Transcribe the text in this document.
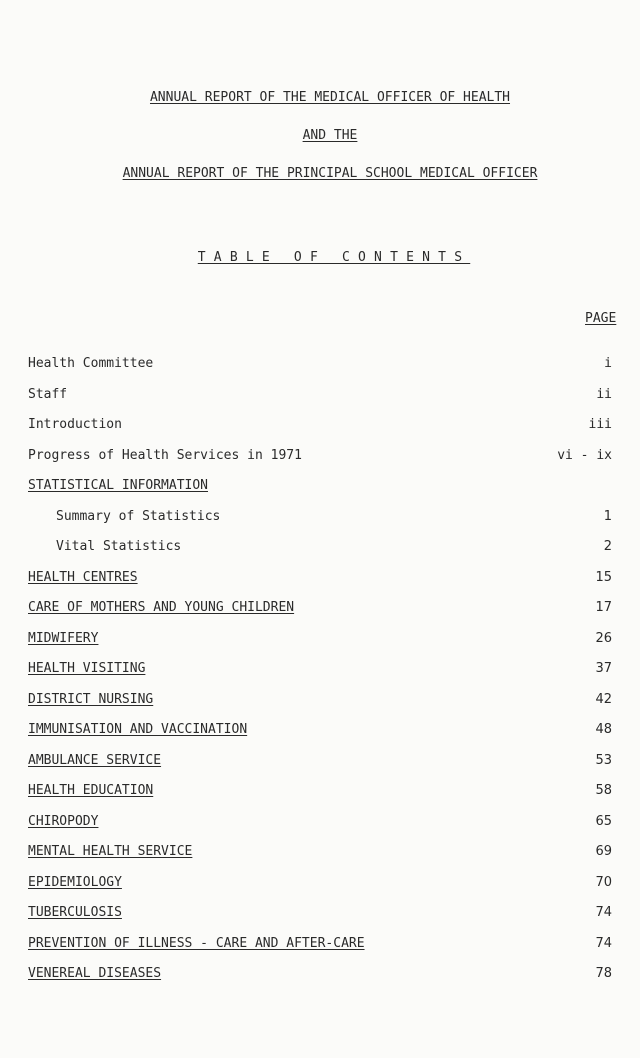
ANNUAL REPORT OF THE MEDICAL OFFICER OF HEALTH
AND THE
ANNUAL REPORT OF THE PRINCIPAL SCHOOL MEDICAL OFFICER
TABLE OF CONTENTS
PAGE
Health Committee	i
Staff	ii
Introduction	iii
Progress of Health Services in 1971	vi - ix
STATISTICAL INFORMATION
Summary of Statistics	1
Vital Statistics	2
HEALTH CENTRES	15
CARE OF MOTHERS AND YOUNG CHILDREN	17
MIDWIFERY	26
HEALTH VISITING	37
DISTRICT NURSING	42
IMMUNISATION AND VACCINATION	48
AMBULANCE SERVICE	53
HEALTH EDUCATION	58
CHIROPODY	65
MENTAL HEALTH SERVICE	69
EPIDEMIOLOGY	70
TUBERCULOSIS	74
PREVENTION OF ILLNESS - CARE AND AFTER-CARE	74
VENEREAL DISEASES	78
